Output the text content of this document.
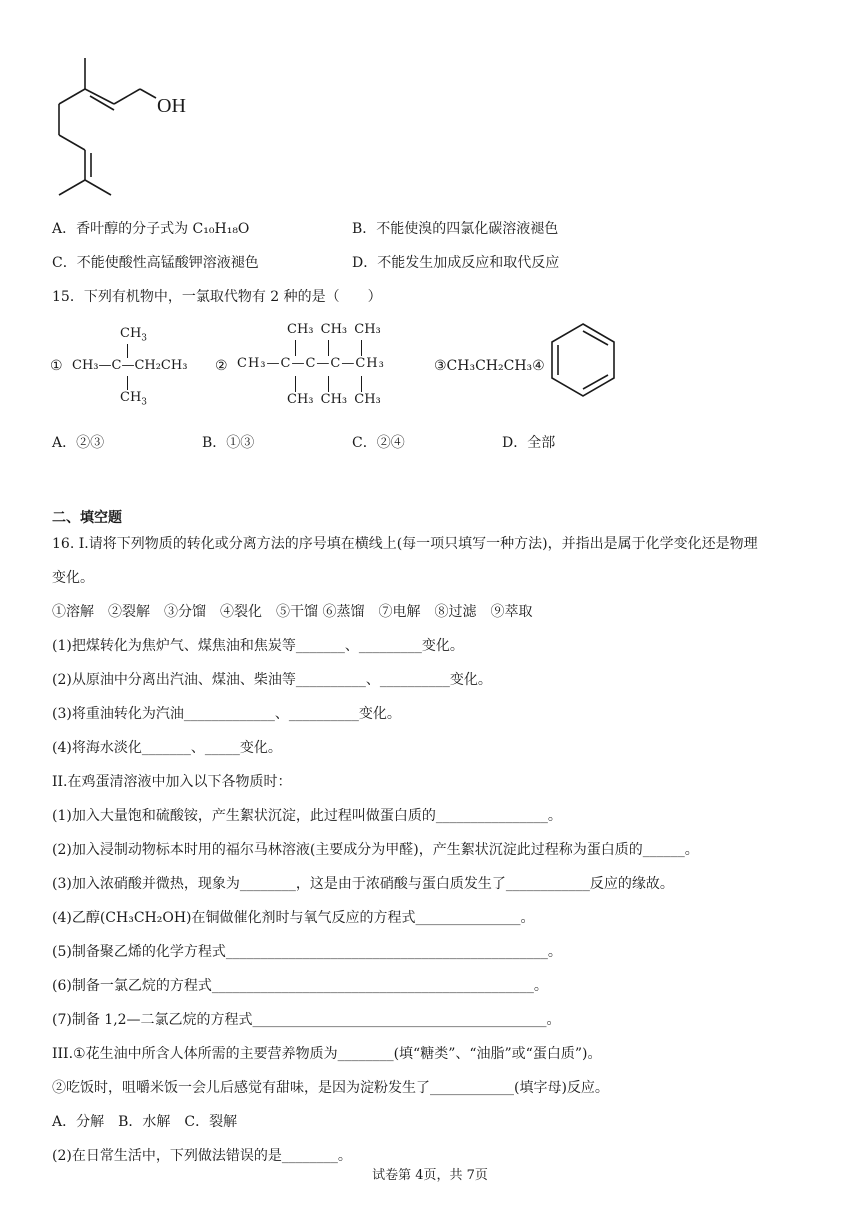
OH
A．香叶醇的分子式为 C₁₀H₁₈O	B．不能使溴的四氯化碳溶液褪色
C．不能使酸性高锰酸钾溶液褪色	D．不能发生加成反应和取代反应
15．下列有机物中，一氯取代物有 2 种的是（　　）
①
$CH_3$
CH₃—C—CH₂CH₃
$CH_3$
②
CH₃ CH₃ CH₃
CH₃—C—C—C—CH₃
CH₃ CH₃ CH₃
③CH₃CH₂CH₃④
A．②③	B．①③	C．②④	D．全部
二、填空题
16. I.请将下列物质的转化或分离方法的序号填在横线上(每一项只填写一种方法)，并指出是属于化学变化还是物理
变化。
①溶解　②裂解　③分馏　④裂化　⑤干馏 ⑥蒸馏　⑦电解　⑧过滤　⑨萃取
(1)把煤转化为焦炉气、煤焦油和焦炭等_______、_________变化。
(2)从原油中分离出汽油、煤油、柴油等__________、__________变化。
(3)将重油转化为汽油_____________、__________变化。
(4)将海水淡化_______、_____变化。
II.在鸡蛋清溶液中加入以下各物质时：
(1)加入大量饱和硫酸铵，产生絮状沉淀，此过程叫做蛋白质的________________。
(2)加入浸制动物标本时用的福尔马林溶液(主要成分为甲醛)，产生絮状沉淀此过程称为蛋白质的______。
(3)加入浓硝酸并微热，现象为________，这是由于浓硝酸与蛋白质发生了____________反应的缘故。
(4)乙醇(CH₃CH₂OH)在铜做催化剂时与氧气反应的方程式_______________。
(5)制备聚乙烯的化学方程式______________________________________________。
(6)制备一氯乙烷的方程式______________________________________________。
(7)制备 1,2—二氯乙烷的方程式__________________________________________。
III.①花生油中所含人体所需的主要营养物质为________(填“糖类”、“油脂”或“蛋白质”)。
②吃饭时，咀嚼米饭一会儿后感觉有甜味，是因为淀粉发生了____________(填字母)反应。
A．分解　B．水解　C．裂解
(2)在日常生活中，下列做法错误的是________。
试卷第 4页，共 7页
